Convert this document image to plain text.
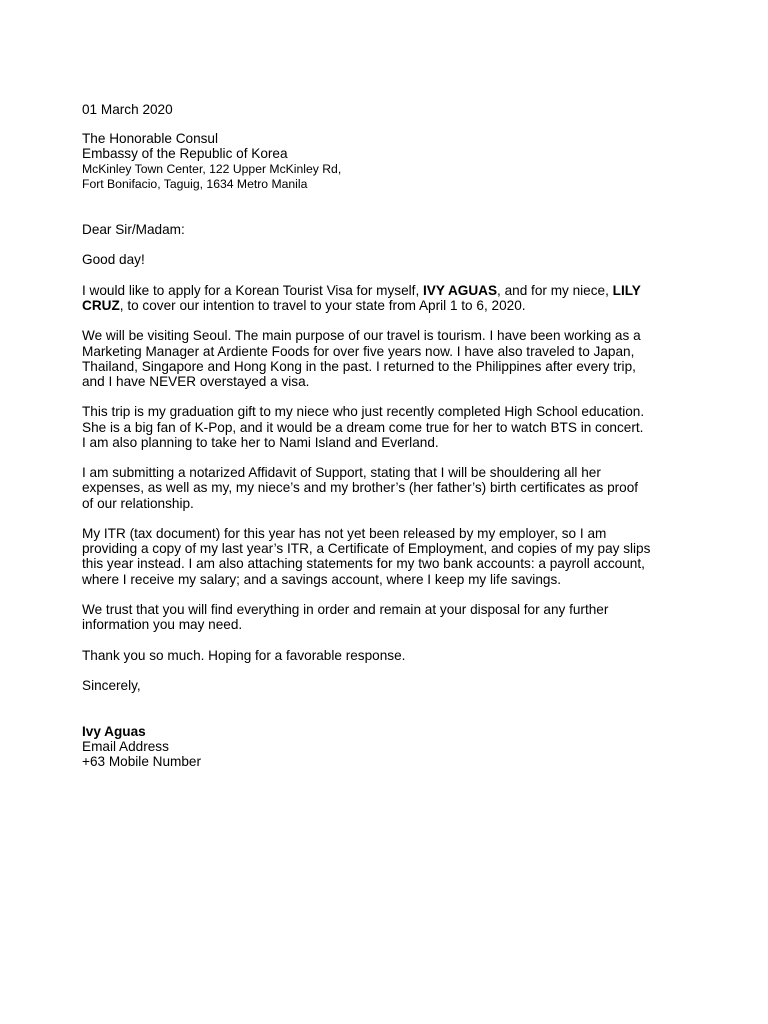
01 March 2020
The Honorable Consul
Embassy of the Republic of Korea
McKinley Town Center, 122 Upper McKinley Rd,
Fort Bonifacio, Taguig, 1634 Metro Manila
Dear Sir/Madam:
Good day!
I would like to apply for a Korean Tourist Visa for myself, IVY AGUAS, and for my niece, LILY
CRUZ, to cover our intention to travel to your state from April 1 to 6, 2020.
We will be visiting Seoul. The main purpose of our travel is tourism. I have been working as a
Marketing Manager at Ardiente Foods for over five years now. I have also traveled to Japan,
Thailand, Singapore and Hong Kong in the past. I returned to the Philippines after every trip,
and I have NEVER overstayed a visa.
This trip is my graduation gift to my niece who just recently completed High School education.
She is a big fan of K-Pop, and it would be a dream come true for her to watch BTS in concert.
I am also planning to take her to Nami Island and Everland.
I am submitting a notarized Affidavit of Support, stating that I will be shouldering all her
expenses, as well as my, my niece’s and my brother’s (her father’s) birth certificates as proof
of our relationship.
My ITR (tax document) for this year has not yet been released by my employer, so I am
providing a copy of my last year’s ITR, a Certificate of Employment, and copies of my pay slips
this year instead. I am also attaching statements for my two bank accounts: a payroll account,
where I receive my salary; and a savings account, where I keep my life savings.
We trust that you will find everything in order and remain at your disposal for any further
information you may need.
Thank you so much. Hoping for a favorable response.
Sincerely,
Ivy Aguas
Email Address
+63 Mobile Number
